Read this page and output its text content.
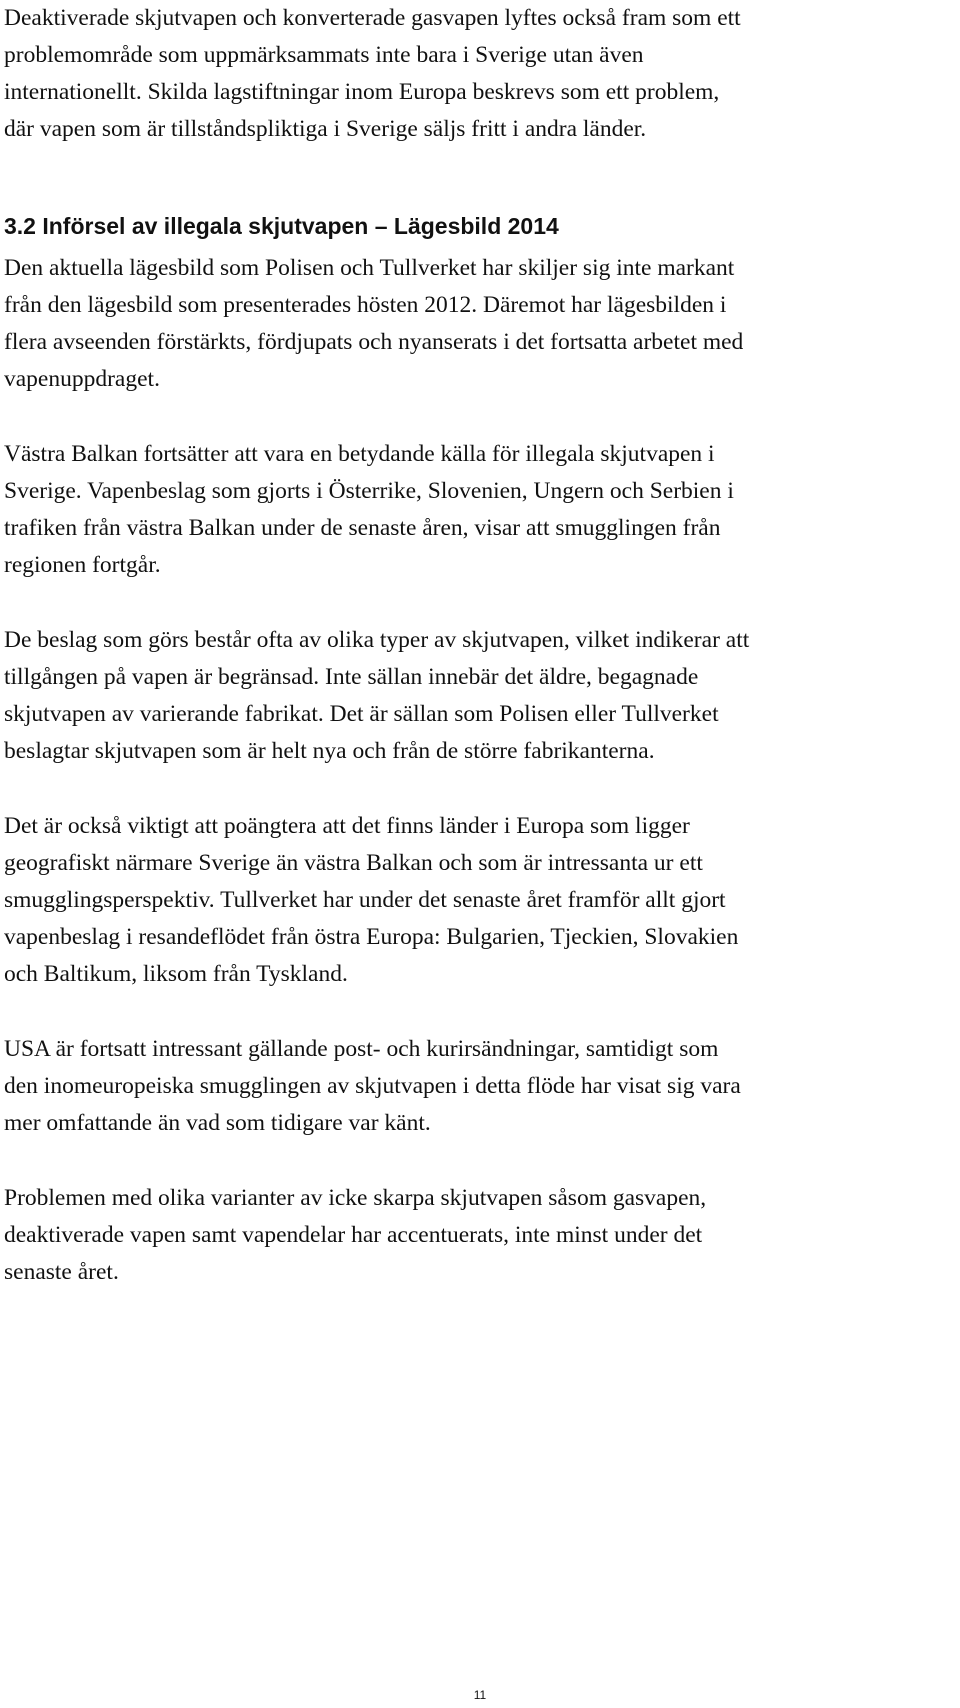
Deaktiverade skjutvapen och konverterade gasvapen lyftes också fram som ett
problemområde som uppmärksammats inte bara i Sverige utan även
internationellt. Skilda lagstiftningar inom Europa beskrevs som ett problem,
där vapen som är tillståndspliktiga i Sverige säljs fritt i andra länder.

3.2 Införsel av illegala skjutvapen – Lägesbild 2014

Den aktuella lägesbild som Polisen och Tullverket har skiljer sig inte markant
från den lägesbild som presenterades hösten 2012. Däremot har lägesbilden i
flera avseenden förstärkts, fördjupats och nyanserats i det fortsatta arbetet med
vapenuppdraget.

Västra Balkan fortsätter att vara en betydande källa för illegala skjutvapen i
Sverige. Vapenbeslag som gjorts i Österrike, Slovenien, Ungern och Serbien i
trafiken från västra Balkan under de senaste åren, visar att smugglingen från
regionen fortgår.

De beslag som görs består ofta av olika typer av skjutvapen, vilket indikerar att
tillgången på vapen är begränsad. Inte sällan innebär det äldre, begagnade
skjutvapen av varierande fabrikat. Det är sällan som Polisen eller Tullverket
beslagtar skjutvapen som är helt nya och från de större fabrikanterna.

Det är också viktigt att poängtera att det finns länder i Europa som ligger
geografiskt närmare Sverige än västra Balkan och som är intressanta ur ett
smugglingsperspektiv. Tullverket har under det senaste året framför allt gjort
vapenbeslag i resandeflödet från östra Europa: Bulgarien, Tjeckien, Slovakien
och Baltikum, liksom från Tyskland.

USA är fortsatt intressant gällande post- och kurirsändningar, samtidigt som
den inomeuropeiska smugglingen av skjutvapen i detta flöde har visat sig vara
mer omfattande än vad som tidigare var känt.

Problemen med olika varianter av icke skarpa skjutvapen såsom gasvapen,
deaktiverade vapen samt vapendelar har accentuerats, inte minst under det
senaste året.

11
